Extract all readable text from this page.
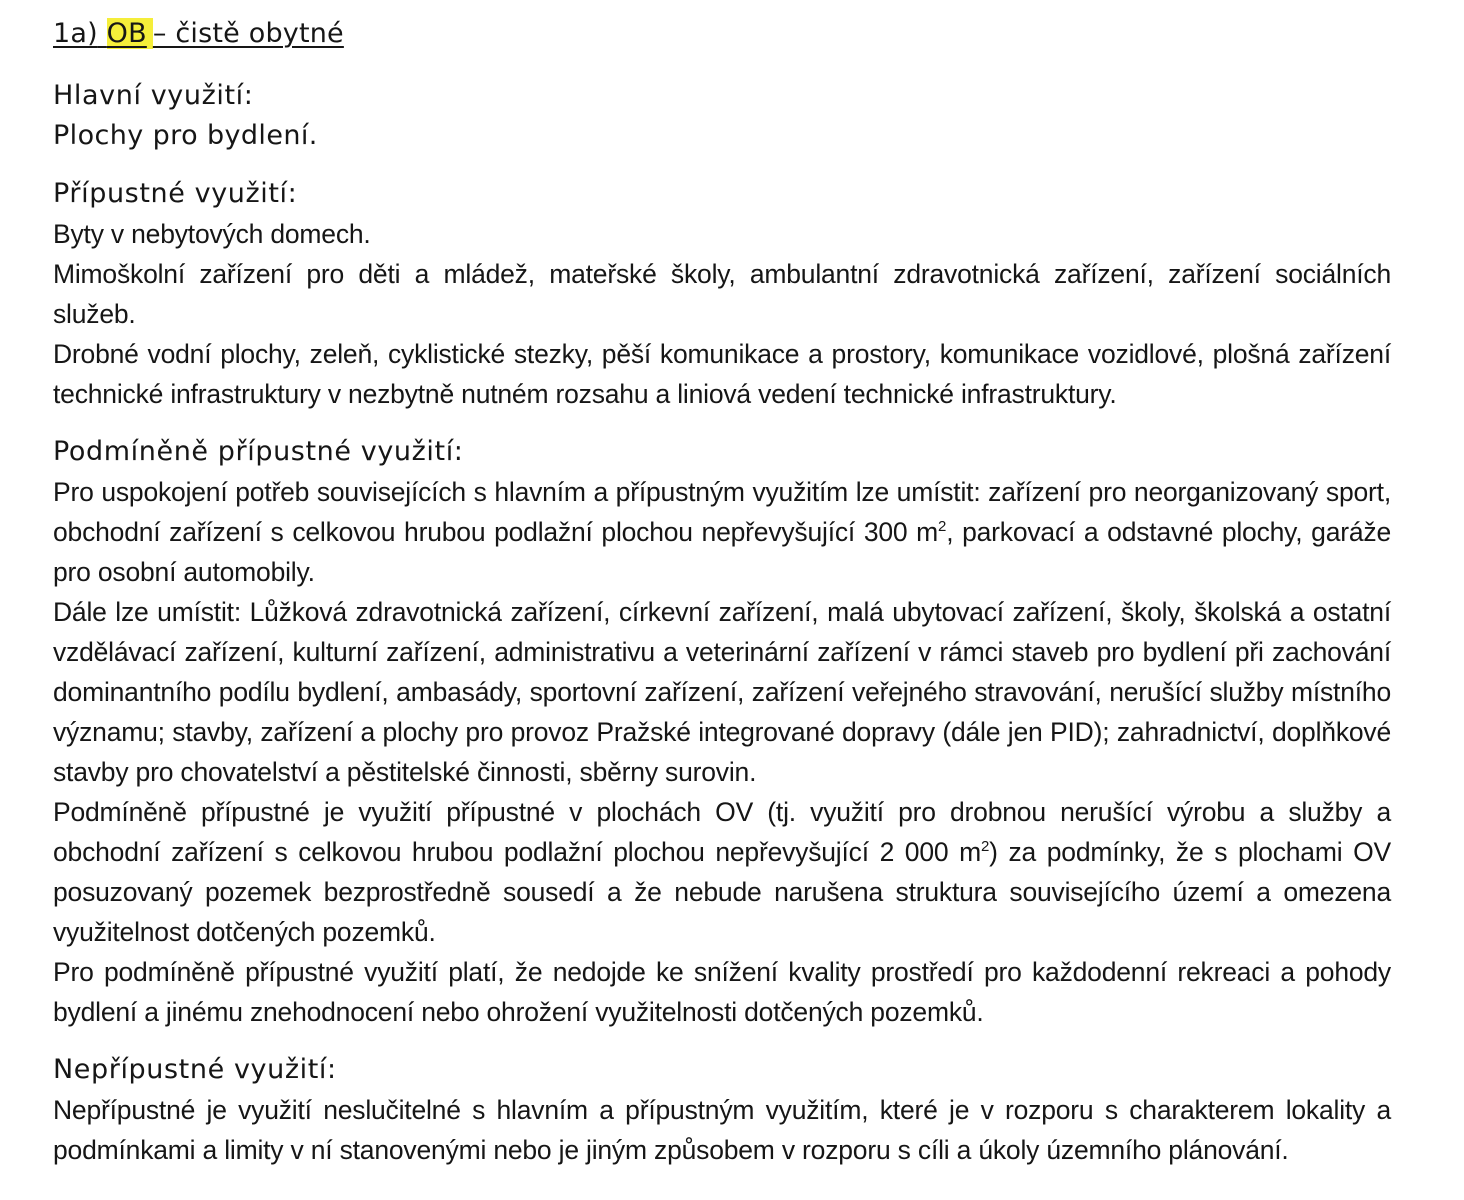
1a) OB – čistě obytné
Hlavní využití:

Plochy pro bydlení.

Přípustné využití:

Byty v nebytových domech.

Mimoškolní zařízení pro děti a mládež, mateřské školy, ambulantní zdravotnická zařízení, zařízení sociálních služeb.

Drobné vodní plochy, zeleň, cyklistické stezky, pěší komunikace a prostory, komunikace vozidlové, plošná zařízení technické infrastruktury v nezbytně nutném rozsahu a liniová vedení technické infrastruktury.

Podmíněně přípustné využití:

Pro uspokojení potřeb souvisejících s hlavním a přípustným využitím lze umístit: zařízení pro neorganizovaný sport, obchodní zařízení s celkovou hrubou podlažní plochou nepřevyšující 300 $m^2$, parkovací a odstavné plochy, garáže pro osobní automobily.

Dále lze umístit: Lůžková zdravotnická zařízení, církevní zařízení, malá ubytovací zařízení, školy, školská a ostatní vzdělávací zařízení, kulturní zařízení, administrativu a veterinární zařízení v rámci staveb pro bydlení při zachování dominantního podílu bydlení, ambasády, sportovní zařízení, zařízení veřejného stravování, nerušící služby místního významu; stavby, zařízení a plochy pro provoz Pražské integrované dopravy (dále jen PID); zahradnictví, doplňkové stavby pro chovatelství a pěstitelské činnosti, sběrny surovin.

Podmíněně přípustné je využití přípustné v plochách OV (tj. využití pro drobnou nerušící výrobu a služby a obchodní zařízení s celkovou hrubou podlažní plochou nepřevyšující 2 000 $m^2$) za podmínky, že s plochami OV posuzovaný pozemek bezprostředně sousedí a že nebude narušena struktura souvisejícího území a omezena využitelnost dotčených pozemků.

Pro podmíněně přípustné využití platí, že nedojde ke snížení kvality prostředí pro každodenní rekreaci a pohody bydlení a jinému znehodnocení nebo ohrožení využitelnosti dotčených pozemků.

Nepřípustné využití:

Nepřípustné je využití neslučitelné s hlavním a přípustným využitím, které je v rozporu s charakterem lokality a podmínkami a limity v ní stanovenými nebo je jiným způsobem v rozporu s cíli a úkoly územního plánování.
